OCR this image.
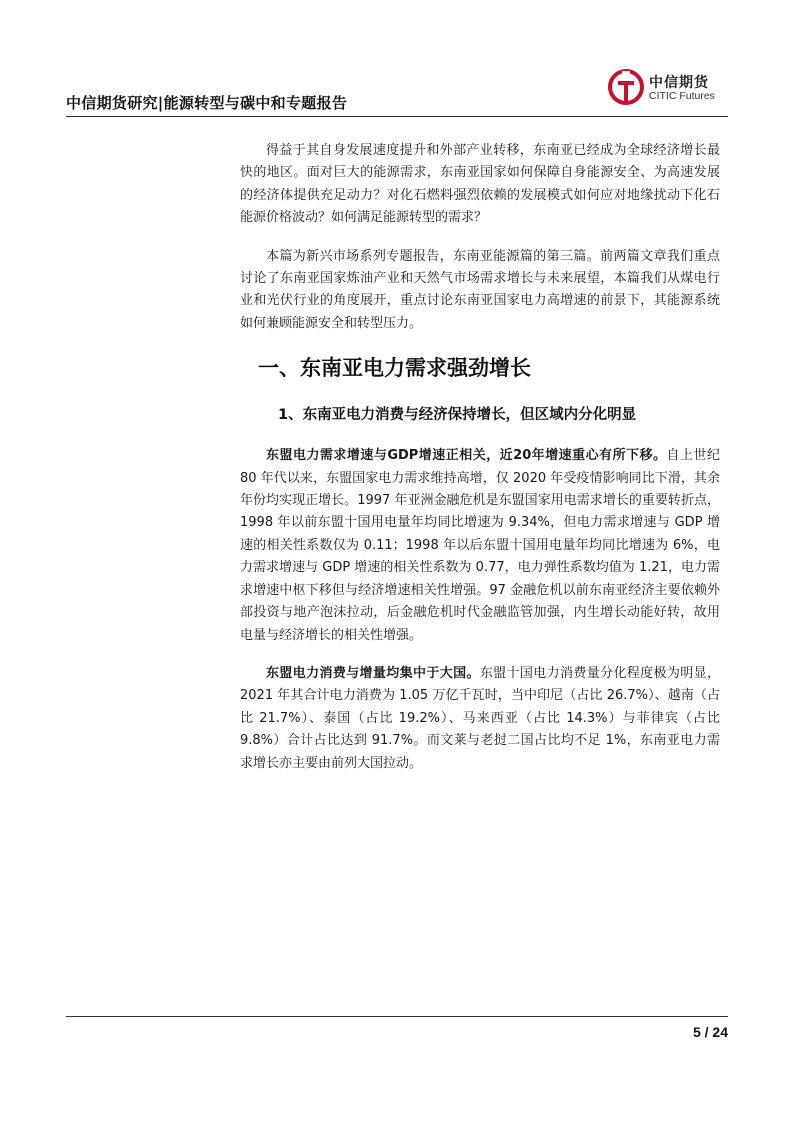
中信期货研究|能源转型与碳中和专题报告
中信期货
CITIC Futures

得益于其自身发展速度提升和外部产业转移，东南亚已经成为全球经济增长最快的地区。面对巨大的能源需求，东南亚国家如何保障自身能源安全、为高速发展的经济体提供充足动力？对化石燃料强烈依赖的发展模式如何应对地缘扰动下化石能源价格波动？如何满足能源转型的需求？

本篇为新兴市场系列专题报告，东南亚能源篇的第三篇。前两篇文章我们重点讨论了东南亚国家炼油产业和天然气市场需求增长与未来展望，本篇我们从煤电行业和光伏行业的角度展开，重点讨论东南亚国家电力高增速的前景下，其能源系统如何兼顾能源安全和转型压力。

一、东南亚电力需求强劲增长
1、东南亚电力消费与经济保持增长，但区域内分化明显

东盟电力需求增速与GDP增速正相关，近20年增速重心有所下移。自上世纪 80 年代以来，东盟国家电力需求维持高增，仅 2020 年受疫情影响同比下滑，其余年份均实现正增长。1997 年亚洲金融危机是东盟国家用电需求增长的重要转折点，1998 年以前东盟十国用电量年均同比增速为 9.34%，但电力需求增速与 GDP 增速的相关性系数仅为 0.11；1998 年以后东盟十国用电量年均同比增速为 6%，电力需求增速与 GDP 增速的相关性系数为 0.77，电力弹性系数均值为 1.21，电力需求增速中枢下移但与经济增速相关性增强。97 金融危机以前东南亚经济主要依赖外部投资与地产泡沫拉动，后金融危机时代金融监管加强，内生增长动能好转，故用电量与经济增长的相关性增强。

东盟电力消费与增量均集中于大国。东盟十国电力消费量分化程度极为明显，2021 年其合计电力消费为 1.05 万亿千瓦时，当中印尼（占比 26.7%）、越南（占比 21.7%）、泰国（占比 19.2%）、马来西亚（占比 14.3%）与菲律宾（占比 9.8%）合计占比达到 91.7%。而文莱与老挝二国占比均不足 1%，东南亚电力需求增长亦主要由前列大国拉动。

5 / 24
